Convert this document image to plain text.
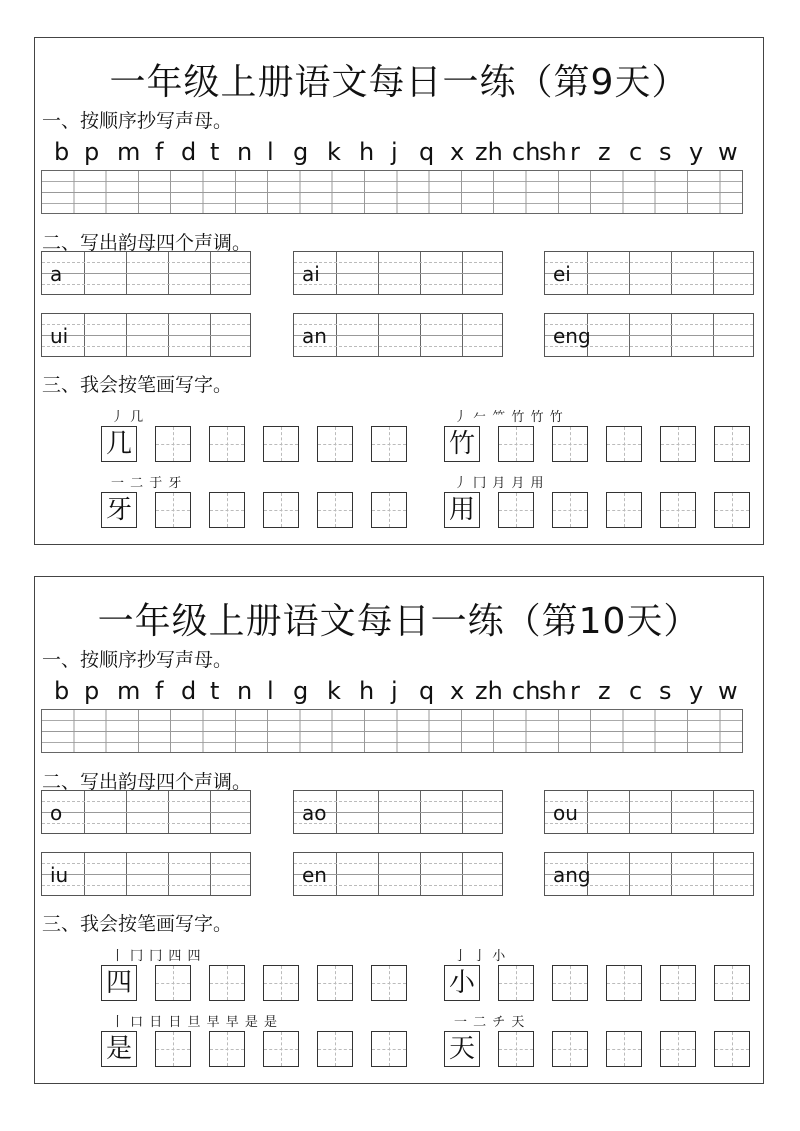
一年级上册语文每日一练（第9天）
一、按顺序抄写声母。
b p m f d t n l g k h j q x zh ch
sh r z c s y w
二、写出韵母四个声调。
a	ai	ei
ui	an	eng
三、我会按笔画写字。
丿 几
几
丿 𠂉 ⺮ 竹 竹 竹
竹
一 二 于 牙
牙
丿 冂 月 月 用
用
一年级上册语文每日一练（第10天）
一、按顺序抄写声母。
b p m f d t n l g k h j q x zh ch
sh r z c s y w
二、写出韵母四个声调。
o	ao	ou
iu	en	ang
三、我会按笔画写字。
丨 冂 冂 四 四
四
亅 亅 小
小
丨 口 日 日 旦 早 早 是 是
是
一 二 チ 天
天
